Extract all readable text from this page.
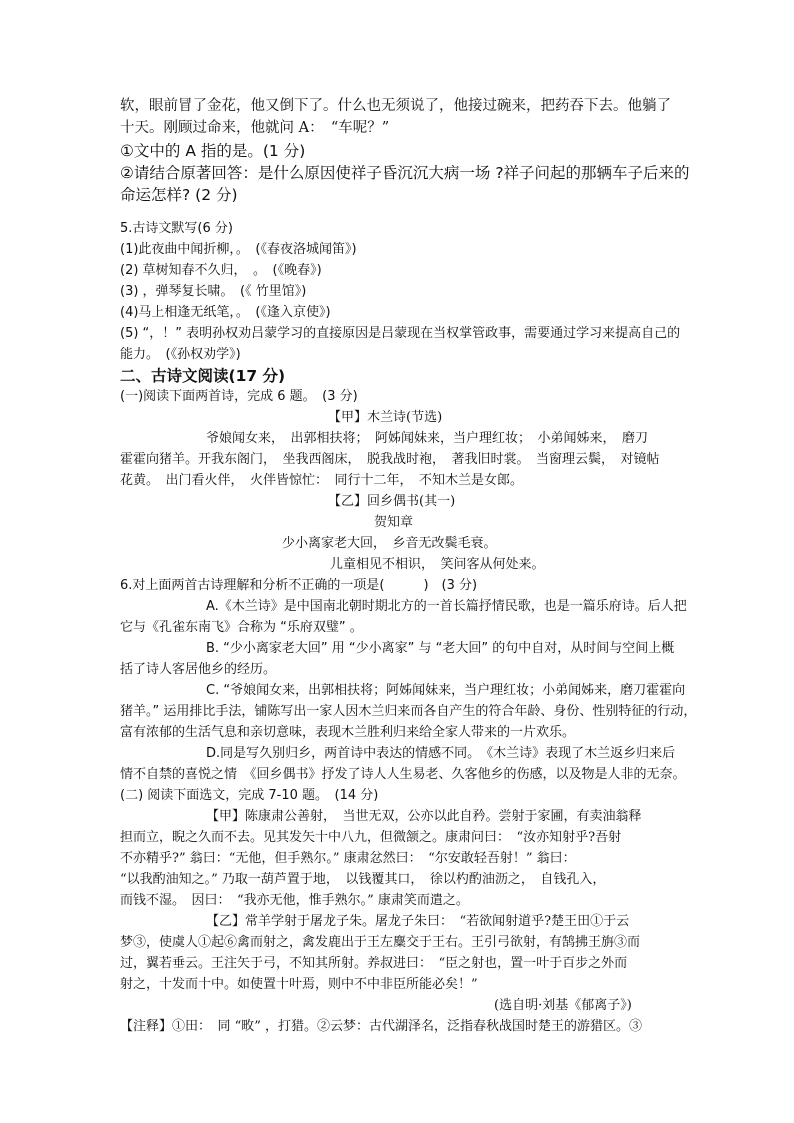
软，眼前冒了金花，他又倒下了。什么也无须说了，他接过碗来，把药吞下去。他躺了
十天。刚顾过命来，他就问 A：　“车呢？”
①文中的 A 指的是。(1 分)
②请结合原著回答：是什么原因使祥子昏沉沉大病一场 ?祥子问起的那辆车子后来的
命运怎样? (2 分)
5.古诗文默写(6 分)
(1)此夜曲中闻折柳，。　(《春夜洛城闻笛》)
(2) 草树知春不久归，　。　(《晚春》)
(3) ，弹琴复长啸。　(《 竹里馆》)
(4)马上相逢无纸笔，。　(《逢入京使》)
(5) “，！” 表明孙权劝吕蒙学习的直接原因是吕蒙现在当权掌管政事，需要通过学习来提高自己的
能力。　(《孙权劝学》)
二、古诗文阅读(17 分)
(一)阅读下面两首诗，完成 6 题。　(3 分)
【甲】木兰诗(节选)
爷娘闻女来，　出郭相扶将；　阿姊闻妹来，当户理红妆；　小弟闻姊来，　磨刀
霍霍向猪羊。开我东阁门，　坐我西阁床，　脱我战时袍，　著我旧时裳。　当窗理云鬓，　对镜帖
花黄。　出门看火伴，　火伴皆惊忙：　同行十二年，　不知木兰是女郎。
【乙】回乡偶书(其一)
贺知章
少小离家老大回，　乡音无改鬓毛衰。
儿童相见不相识，　笑问客从何处来。
6.对上面两首古诗理解和分析不正确的一项是(　　　)　(3 分)
A.《木兰诗》是中国南北朝时期北方的一首长篇抒情民歌，也是一篇乐府诗。后人把
它与《孔雀东南飞》合称为 “乐府双璧” 。
B. “少小离家老大回” 用 “少小离家” 与 “老大回” 的句中自对，从时间与空间上概
括了诗人客居他乡的经历。
C. “爷娘闻女来，出郭相扶将；阿姊闻妹来，当户理红妆；小弟闻姊来，磨刀霍霍向
猪羊。” 运用排比手法，铺陈写出一家人因木兰归来而各自产生的符合年龄、身份、性别特征的行动，
富有浓郁的生活气息和亲切意味，表现木兰胜利归来给全家人带来的一片欢乐。
D.同是写久别归乡，两首诗中表达的情感不同。　《木兰诗》表现了木兰返乡归来后
情不自禁的喜悦之情　《回乡偶书》抒发了诗人人生易老、久客他乡的伤感，以及物是人非的无奈。
(二) 阅读下面选文，完成 7-10 题。　(14 分)
【甲】陈康肃公善射，　当世无双，公亦以此自矜。尝射于家圃，有卖油翁释
担而立，睨之久而不去。见其发矢十中八九，但微颔之。康肃问曰：　“汝亦知射乎?吾射
不亦精乎?” 翁曰：“无他，但手熟尔。” 康肃忿然曰：　“尔安敢轻吾射！” 翁曰：
“以我酌油知之。” 乃取一葫芦置于地，　以钱覆其口，　徐以杓酌油沥之，　自钱孔入，
而钱不湿。　因曰：　“我亦无他，惟手熟尔。” 康肃笑而遣之。
【乙】常羊学射于屠龙子朱。屠龙子朱曰：　“若欲闻射道乎?楚王田①于云
梦③，使虞人①起⑥禽而射之，禽发鹿出于王左麋交于王右。王引弓欲射，有鹄拂王旃③而
过，翼若垂云。王注矢于弓，不知其所射。养叔进曰：　“臣之射也，置一叶于百步之外而
射之，十发而十中。如使置十叶焉，则中不中非臣所能必矣！”
(选自明·刘基《郁离子》)
【注释】①田：　同 “畋” ，打猎。②云梦：古代湖泽名，泛指春秋战国时楚王的游猎区。③
